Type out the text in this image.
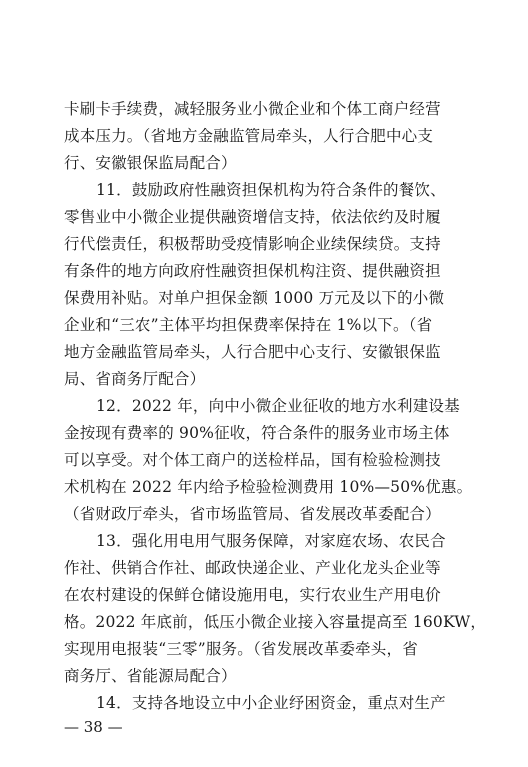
卡刷卡手续费，减轻服务业小微企业和个体工商户经营
成本压力。（省地方金融监管局牵头，人行合肥中心支
行、安徽银保监局配合）
11．鼓励政府性融资担保机构为符合条件的餐饮、
零售业中小微企业提供融资增信支持，依法依约及时履
行代偿责任，积极帮助受疫情影响企业续保续贷。支持
有条件的地方向政府性融资担保机构注资、提供融资担
保费用补贴。对单户担保金额 1000 万元及以下的小微
企业和“三农”主体平均担保费率保持在 1%以下。（省
地方金融监管局牵头，人行合肥中心支行、安徽银保监
局、省商务厅配合）
12．2022 年，向中小微企业征收的地方水利建设基
金按现有费率的 90%征收，符合条件的服务业市场主体
可以享受。对个体工商户的送检样品，国有检验检测技
术机构在 2022 年内给予检验检测费用 10%—50%优惠。
（省财政厅牵头，省市场监管局、省发展改革委配合）
13．强化用电用气服务保障，对家庭农场、农民合
作社、供销合作社、邮政快递企业、产业化龙头企业等
在农村建设的保鲜仓储设施用电，实行农业生产用电价
格。2022 年底前，低压小微企业接入容量提高至 160KW，
实现用电报装“三零”服务。（省发展改革委牵头，省
商务厅、省能源局配合）
14．支持各地设立中小企业纾困资金，重点对生产
— 38 —
